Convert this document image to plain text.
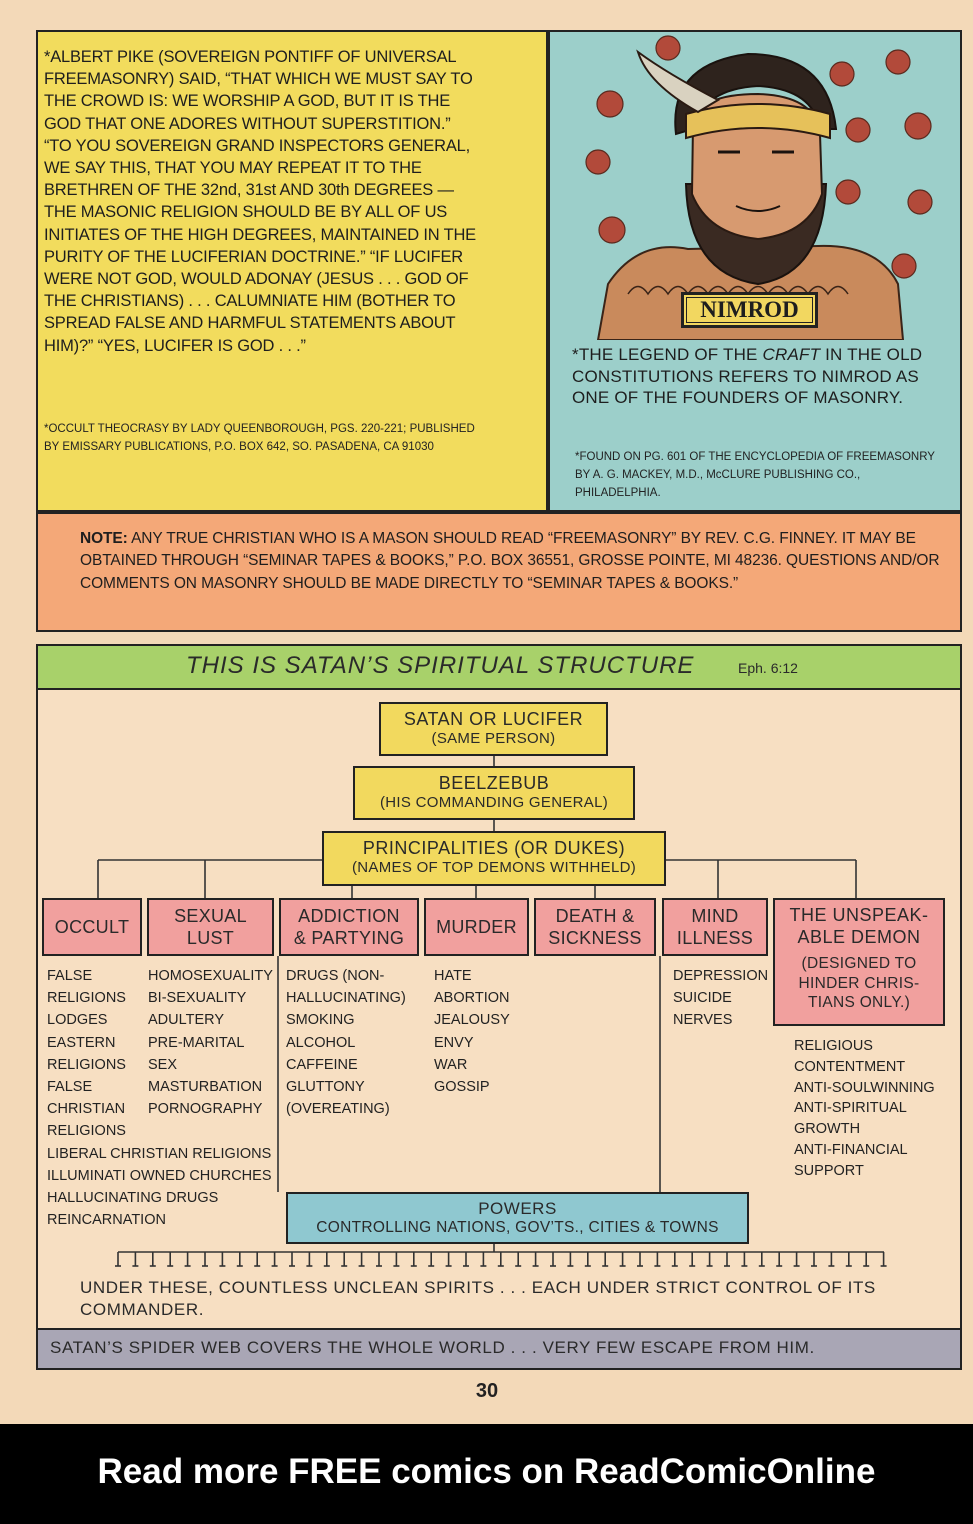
*ALBERT PIKE (SOVEREIGN PONTIFF OF UNIVERSAL
FREEMASONRY) SAID, “THAT WHICH WE MUST SAY TO
THE CROWD IS: WE WORSHIP A GOD, BUT IT IS THE
GOD THAT ONE ADORES WITHOUT SUPERSTITION.”
“TO YOU SOVEREIGN GRAND INSPECTORS GENERAL,
WE SAY THIS, THAT YOU MAY REPEAT IT TO THE
BRETHREN OF THE 32nd, 31st AND 30th DEGREES —
THE MASONIC RELIGION SHOULD BE BY ALL OF US
INITIATES OF THE HIGH DEGREES, MAINTAINED IN THE
PURITY OF THE LUCIFERIAN DOCTRINE.” “IF LUCIFER
WERE NOT GOD, WOULD ADONAY (JESUS . . . GOD OF
THE CHRISTIANS) . . . CALUMNIATE HIM (BOTHER TO
SPREAD FALSE AND HARMFUL STATEMENTS ABOUT
HIM)?” “YES, LUCIFER IS GOD . . .”
*OCCULT THEOCRASY BY LADY QUEENBOROUGH, PGS. 220-221; PUBLISHED
BY EMISSARY PUBLICATIONS, P.O. BOX 642, SO. PASADENA, CA 91030
NIMROD
*THE LEGEND OF THE CRAFT IN THE OLD CONSTITUTIONS REFERS TO NIMROD AS ONE OF THE FOUNDERS OF MASONRY.
*FOUND ON PG. 601 OF THE ENCYCLOPEDIA OF FREEMASONRY
BY A. G. MACKEY, M.D., McCLURE PUBLISHING CO.,
PHILADELPHIA.
NOTE: ANY TRUE CHRISTIAN WHO IS A MASON SHOULD READ “FREEMASONRY” BY REV. C.G. FINNEY. IT MAY BE OBTAINED THROUGH “SEMINAR TAPES & BOOKS,” P.O. BOX 36551, GROSSE POINTE, MI 48236. QUESTIONS AND/OR COMMENTS ON MASONRY SHOULD BE MADE DIRECTLY TO “SEMINAR TAPES & BOOKS.”
THIS IS SATAN’S SPIRITUAL STRUCTURE	Eph. 6:12
SATAN OR LUCIFER
(SAME PERSON)
BEELZEBUB
(HIS COMMANDING GENERAL)
PRINCIPALITIES (OR DUKES)
(NAMES OF TOP DEMONS WITHHELD)
OCCULT
SEXUAL
LUST
ADDICTION
& PARTYING
MURDER
DEATH &
SICKNESS
MIND
ILLNESS
THE UNSPEAK-
ABLE DEMON
(DESIGNED TO
HINDER CHRIS-
TIANS ONLY.)
FALSE
RELIGIONS
LODGES
EASTERN
RELIGIONS
FALSE
CHRISTIAN
RELIGIONS
LIBERAL CHRISTIAN RELIGIONS
ILLUMINATI OWNED CHURCHES
HALLUCINATING DRUGS
REINCARNATION
HOMOSEXUALITY
BI-SEXUALITY
ADULTERY
PRE-MARITAL SEX
MASTURBATION
PORNOGRAPHY
DRUGS (NON-
HALLUCINATING)
SMOKING
ALCOHOL
CAFFEINE
GLUTTONY
(OVEREATING)
HATE
ABORTION
JEALOUSY
ENVY
WAR
GOSSIP
DEPRESSION
SUICIDE
NERVES
RELIGIOUS
CONTENTMENT
ANTI-SOULWINNING
ANTI-SPIRITUAL
GROWTH
ANTI-FINANCIAL
SUPPORT
POWERS
CONTROLLING NATIONS, GOV’TS., CITIES & TOWNS
UNDER THESE, COUNTLESS UNCLEAN SPIRITS . . . EACH UNDER STRICT CONTROL OF ITS COMMANDER.
SATAN’S SPIDER WEB COVERS THE WHOLE WORLD . . . VERY FEW ESCAPE FROM HIM.
30
Read more FREE comics on ReadComicOnline
